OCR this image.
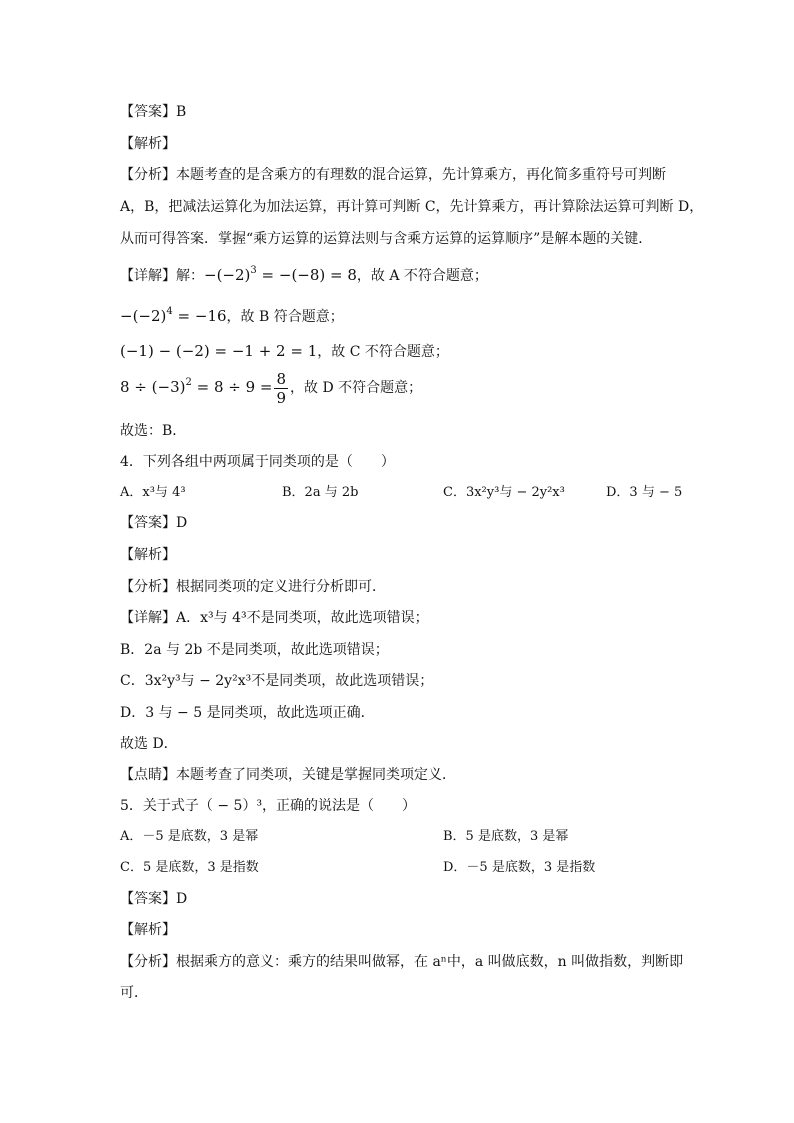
【答案】B
【解析】
【分析】本题考查的是含乘方的有理数的混合运算，先计算乘方，再化简多重符号可判断
A，B，把减法运算化为加法运算，再计算可判断 C，先计算乘方，再计算除法运算可判断 D，
从而可得答案．掌握“乘方运算的运算法则与含乘方运算的运算顺序”是解本题的关键．
【详解】解：$-(-2)^3 = -(-8) = 8$，故 A 不符合题意；
$-(-2)^4 = -16$，故 B 符合题意；
(−1) − (−2) = −1 + 2 = 1，故 C 不符合题意；
$8 \div (-3)^2 = 8 \div 9 = \frac{8}{9}$ ，故 D 不符合题意；
故选：B．
4．下列各组中两项属于同类项的是（　　）
A．x³与 4³	B．2a 与 2b	C．3x²y³与 − 2y²x³	D．3 与 − 5
【答案】D
【解析】
【分析】根据同类项的定义进行分析即可．
【详解】A．x³与 4³不是同类项，故此选项错误；
B．2a 与 2b 不是同类项，故此选项错误；
C．3x²y³与 − 2y²x³不是同类项，故此选项错误；
D．3 与 − 5 是同类项，故此选项正确．
故选 D．
【点睛】本题考查了同类项，关键是掌握同类项定义．
5．关于式子（ − 5）³，正确的说法是（　　）
A．－5 是底数，3 是幂	B．5 是底数，3 是幂
C．5 是底数，3 是指数	D．－5 是底数，3 是指数
【答案】D
【解析】
【分析】根据乘方的意义：乘方的结果叫做幂，在 aⁿ中，a 叫做底数，n 叫做指数，判断即
可．
